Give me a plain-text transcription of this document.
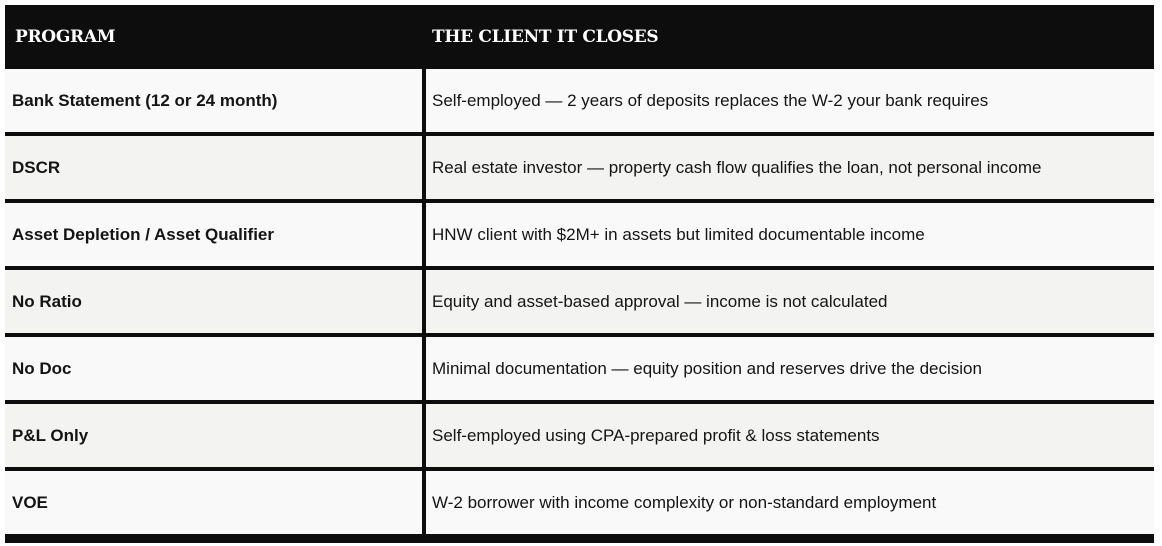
PROGRAM	THE CLIENT IT CLOSES
Bank Statement (12 or 24 month)	Self-employed — 2 years of deposits replaces the W-2 your bank requires
DSCR	Real estate investor — property cash flow qualifies the loan, not personal income
Asset Depletion / Asset Qualifier	HNW client with $2M+ in assets but limited documentable income
No Ratio	Equity and asset-based approval — income is not calculated
No Doc	Minimal documentation — equity position and reserves drive the decision
P&L Only	Self-employed using CPA-prepared profit & loss statements
VOE	W-2 borrower with income complexity or non-standard employment
